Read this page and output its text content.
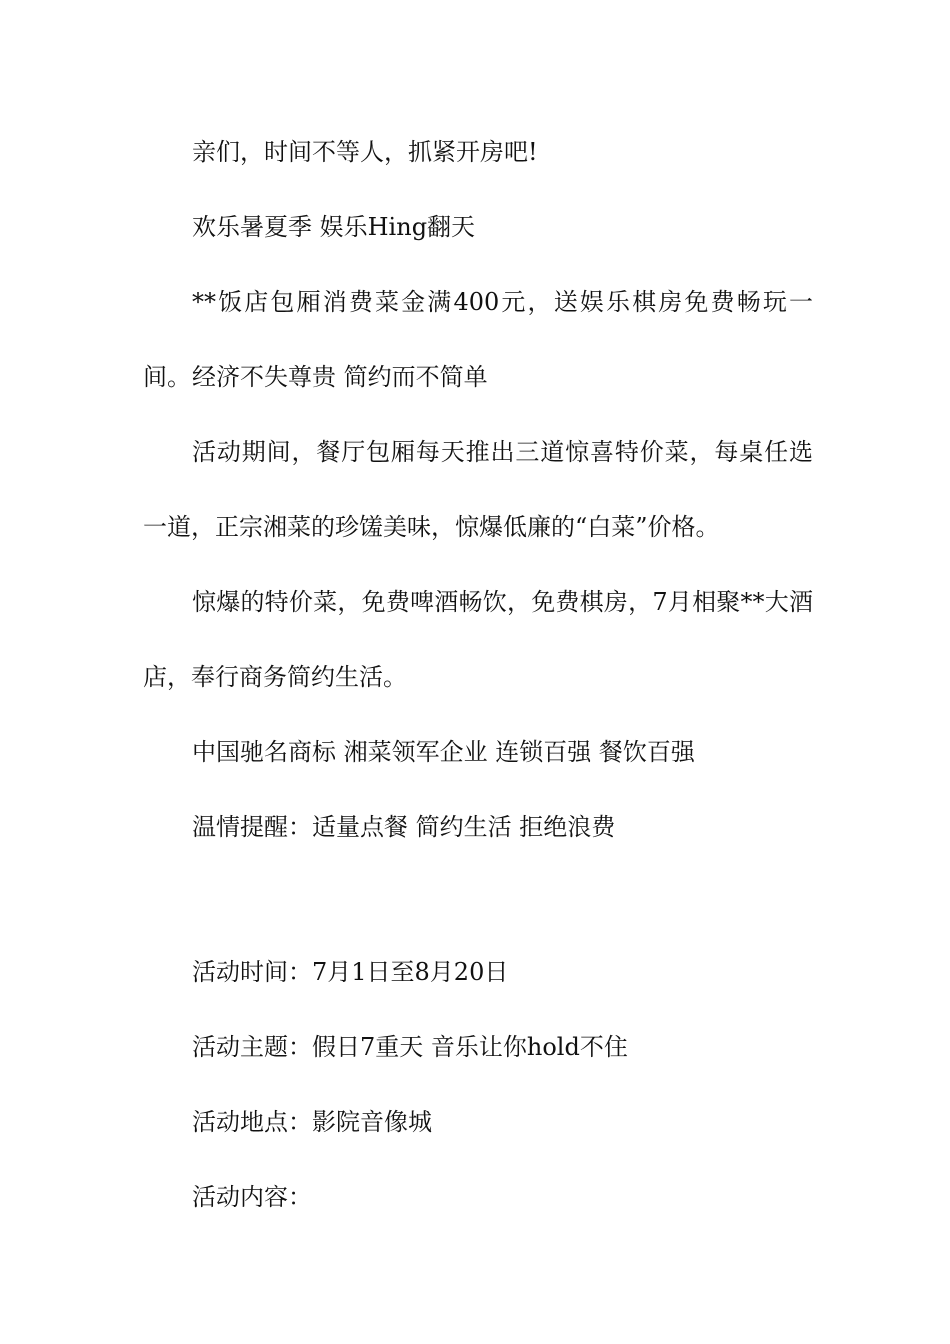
亲们，时间不等人，抓紧开房吧!

欢乐暑夏季 娱乐Hing翻天

**饭店包厢消费菜金满400元，送娱乐棋房免费畅玩一间。 经济不失尊贵 简约而不简单

活动期间，餐厅包厢每天推出三道惊喜特价菜，每桌任选一道，正宗湘菜的珍馐美味，惊爆低廉的“白菜”价格。

惊爆的特价菜，免费啤酒畅饮，免费棋房，7月相聚**大酒店，奉行商务简约生活。

中国驰名商标 湘菜领军企业 连锁百强 餐饮百强

温情提醒：适量点餐 简约生活 拒绝浪费

活动时间：7月1日至8月20日

活动主题：假日7重天 音乐让你hold不住

活动地点：影院音像城

活动内容：
